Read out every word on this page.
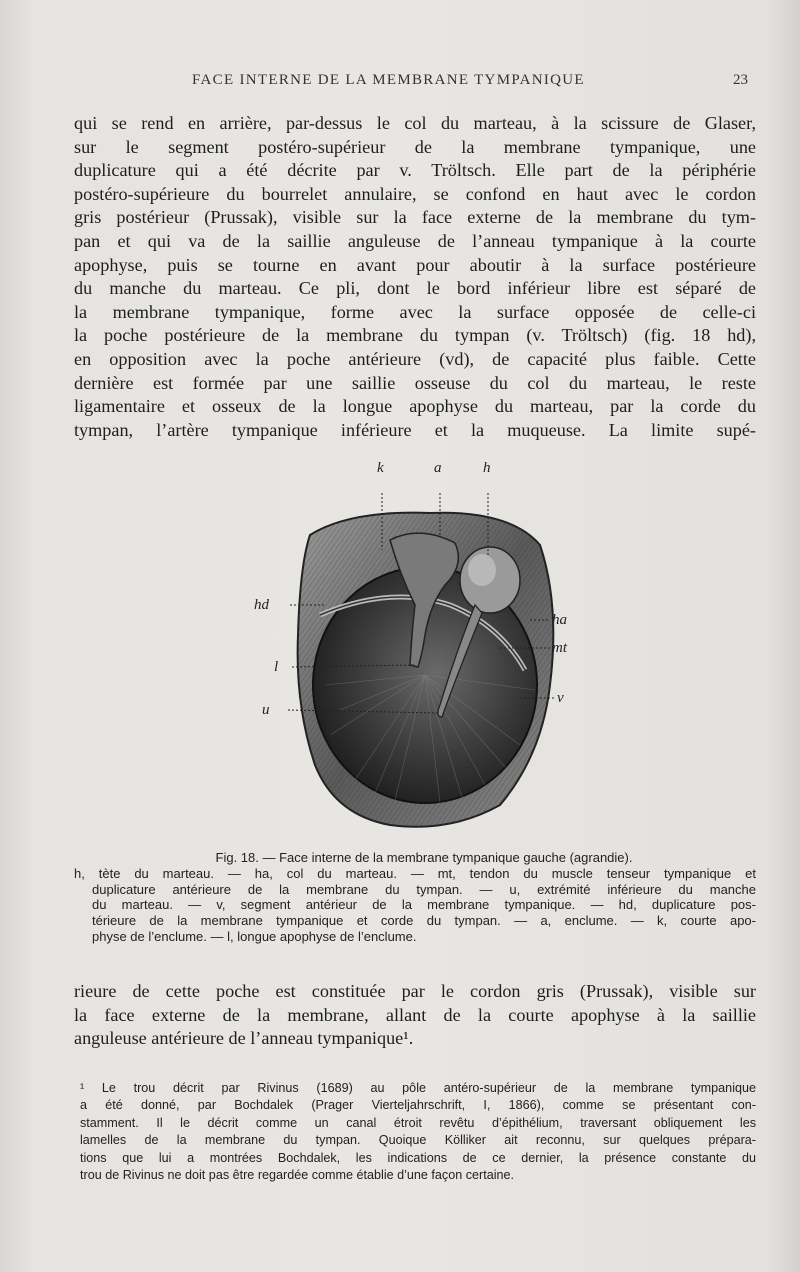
FACE INTERNE DE LA MEMBRANE TYMPANIQUE	23
qui se rend en arrière, par-dessus le col du marteau, à la scissure de Glaser,
sur le segment postéro-supérieur de la membrane tympanique, une
duplicature qui a été décrite par v. Tröltsch. Elle part de la périphérie
postéro-supérieure du bourrelet annulaire, se confond en haut avec le cordon
gris postérieur (Prussak), visible sur la face externe de la membrane du tym-
pan et qui va de la saillie anguleuse de l’anneau tympanique à la courte
apophyse, puis se tourne en avant pour aboutir à la surface postérieure
du manche du marteau. Ce pli, dont le bord inférieur libre est séparé de
la membrane tympanique, forme avec la surface opposée de celle-ci
la poche postérieure de la membrane du tympan (v. Tröltsch) (fig. 18 hd),
en opposition avec la poche antérieure (vd), de capacité plus faible. Cette
dernière est formée par une saillie osseuse du col du marteau, le reste
ligamentaire et osseux de la longue apophyse du marteau, par la corde du
tympan, l’artère tympanique inférieure et la muqueuse. La limite supé-
k	a	h
hd
ha
mt
l
v
u
Fig. 18. — Face interne de la membrane tympanique gauche (agrandie).
h, tète du marteau. — ha, col du marteau. — mt, tendon du muscle tenseur tympanique et
duplicature antérieure de la membrane du tympan. — u, extrémité inférieure du manche
du marteau. — v, segment antérieur de la membrane tympanique. — hd, duplicature pos-
térieure de la membrane tympanique et corde du tympan. — a, enclume. — k, courte apo-
physe de l’enclume. — l, longue apophyse de l’enclume.
rieure de cette poche est constituée par le cordon gris (Prussak), visible sur
la face externe de la membrane, allant de la courte apophyse à la saillie
anguleuse antérieure de l’anneau tympanique¹.
¹ Le trou décrit par Rivinus (1689) au pôle antéro-supérieur de la membrane tympanique
a été donné, par Bochdalek (Prager Vierteljahrschrift, I, 1866), comme se présentant con-
stamment. Il le décrit comme un canal étroit revêtu d’épithélium, traversant obliquement les
lamelles de la membrane du tympan. Quoique Kölliker ait reconnu, sur quelques prépara-
tions que lui a montrées Bochdalek, les indications de ce dernier, la présence constante du
trou de Rivinus ne doit pas être regardée comme établie d’une façon certaine.
